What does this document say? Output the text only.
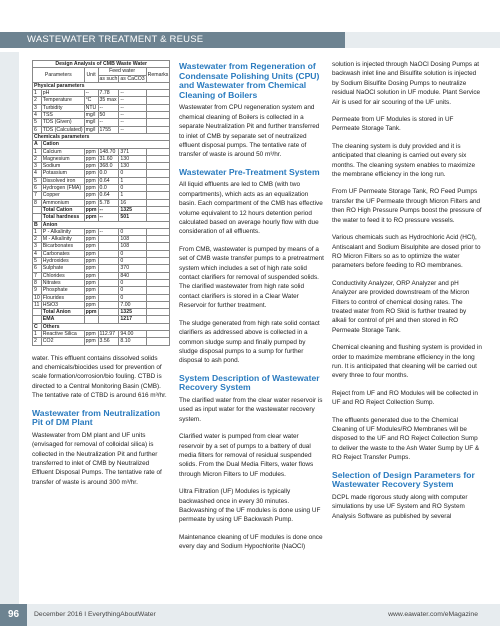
WASTEWATER TREATMENT & REUSE
Design Analysis of CMB Waste Water					
Parameters		Unit	Feed water		Remarks
			as such	as CaCO3	
Physical parameters					
1	pH	--	7.78	--	
2	Temperature	°C	35 max	--	
3	Turbidity	NTU	--	--	
4	TSS	mg/l	50	--	
5	TDS (Given)	mg/l	--	--	
6	TDS (Calculated)	mg/l	1755	--	
Chemicals parameters					
A	Cation				
1	Calcium	ppm	148.70	371	
2	Magnesium	ppm	31.60	130	
3	Sodium	ppm	368.0	130	
4	Potassium	ppm	0.0	0	
5	Dissolved iron	ppm	0.64	1	
6	Hydrogen (FMA)	ppm	0.0	0	
7	Copper	ppm	0.64	1	
8	Ammonium	ppm	5.78	16	
	Total Cation	ppm	--	1325	
	Total hardness	ppm	--	501	
B	Anion				
1	P - Alkalinity	ppm	--	0	
2	M - Alkalinity	ppm		108	
3	Bicarbonates	ppm		108	
4	Carbonates	ppm		0	
5	Hydroxides	ppm		0	
6	Sulphate	ppm		370	
7	Chlorides	ppm		840	
8	Nitrates	ppm		0	
9	Phosphate	ppm		0	
10	Flourides	ppm		0	
11	HSiO3	ppm		7.00	
	Total Anion	ppm		1325	
	EMA			1217	
C	Others				
1	Reactive Silica	ppm	112.97	94.00	
2	CO2	ppm	3.56	8.10	

water. This effluent contains dissolved solids and chemicals/biocides used for prevention of scale formation/corrosion/bio fouling. CTBD is directed to a Central Monitoring Basin (CMB). The tentative rate of CTBD is around 616 m³/hr.

Wastewater from Neutralization Pit of DM Plant

Wastewater from DM plant and UF units (envisaged for removal of colloidal silica) is collected in the Neutralization Pit and further transferred to inlet of CMB by Neutralized Effluent Disposal Pumps. The tentative rate of transfer of waste is around 300 m³/hr.

Wastewater from Regeneration of Condensate Polishing Units (CPU) and Wastewater from Chemical Cleaning of Boilers

Wastewater from CPU regeneration system and chemical cleaning of Boilers is collected in a separate Neutralization Pit and further transferred to inlet of CMB by separate set of neutralized effluent disposal pumps. The tentative rate of transfer of waste is around 50 m³/hr.

Wastewater Pre-Treatment System

All liquid effluents are led to CMB (with two compartments), which acts as an equalization basin. Each compartment of the CMB has effective volume equivalent to 12 hours detention period calculated based on average hourly flow with due consideration of all effluents.

From CMB, wastewater is pumped by means of a set of CMB waste transfer pumps to a pretreatment system which includes a set of high rate solid contact clarifiers for removal of suspended solids. The clarified wastewater from high rate solid contact clarifiers is stored in a Clear Water Reservoir for further treatment.

The sludge generated from high rate solid contact clarifiers as addressed above is collected in a common sludge sump and finally pumped by sludge disposal pumps to a sump for further disposal to ash pond.

System Description of Wastewater Recovery System

The clarified water from the clear water reservoir is used as input water for the wastewater recovery system.

Clarified water is pumped from clear water reservoir by a set of pumps to a battery of dual media filters for removal of residual suspended solids. From the Dual Media Filters, water flows through Micron Filters to UF modules.

Ultra Filtration (UF) Modules is typically backwashed once in every 30 minutes. Backwashing of the UF modules is done using UF permeate by using UF Backwash Pump.

Maintenance cleaning of UF modules is done once every day and Sodium Hypochlorite (NaOCl)

solution is injected through NaOCl Dosing Pumps at backwash inlet line and Bisulfite solution is injected by Sodium Bisulfite Dosing Pumps to neutralize residual NaOCl solution in UF module. Plant Service Air is used for air scouring of the UF units.

Permeate from UF Modules is stored in UF Permeate Storage Tank.

The cleaning system is duly provided and it is anticipated that cleaning is carried out every six months. The cleaning system enables to maximize the membrane efficiency in the long run.

From UF Permeate Storage Tank, RO Feed Pumps transfer the UF Permeate through Micron Filters and then RO High Pressure Pumps boost the pressure of the water to feed it to RO pressure vessels.

Various chemicals such as Hydrochloric Acid (HCl), Antiscalant and Sodium Bisulphite are dosed prior to RO Micron Filters so as to optimize the water parameters before feeding to RO membranes.

Conductivity Analyzer, ORP Analyzer and pH Analyzer are provided downstream of the Micron Filters to control of chemical dosing rates. The treated water from RO Skid is further treated by alkali for control of pH and then stored in RO Permeate Storage Tank.

Chemical cleaning and flushing system is provided in order to maximize membrane efficiency in the long run. It is anticipated that cleaning will be carried out every three to four months.

Reject from UF and RO Modules will be collected in UF and RO Reject Collection Sump.

The effluents generated due to the Chemical Cleaning of UF Modules/RO Membranes will be disposed to the UF and RO Reject Collection Sump to deliver the waste to the Ash Water Sump by UF & RO Reject Transfer Pumps.

Selection of Design Parameters for Wastewater Recovery System

DCPL made rigorous study along with computer simulations by use UF System and RO System Analysis Software as published by several

96	December 2016 I EverythingAboutWater	www.eawater.com/eMagazine
